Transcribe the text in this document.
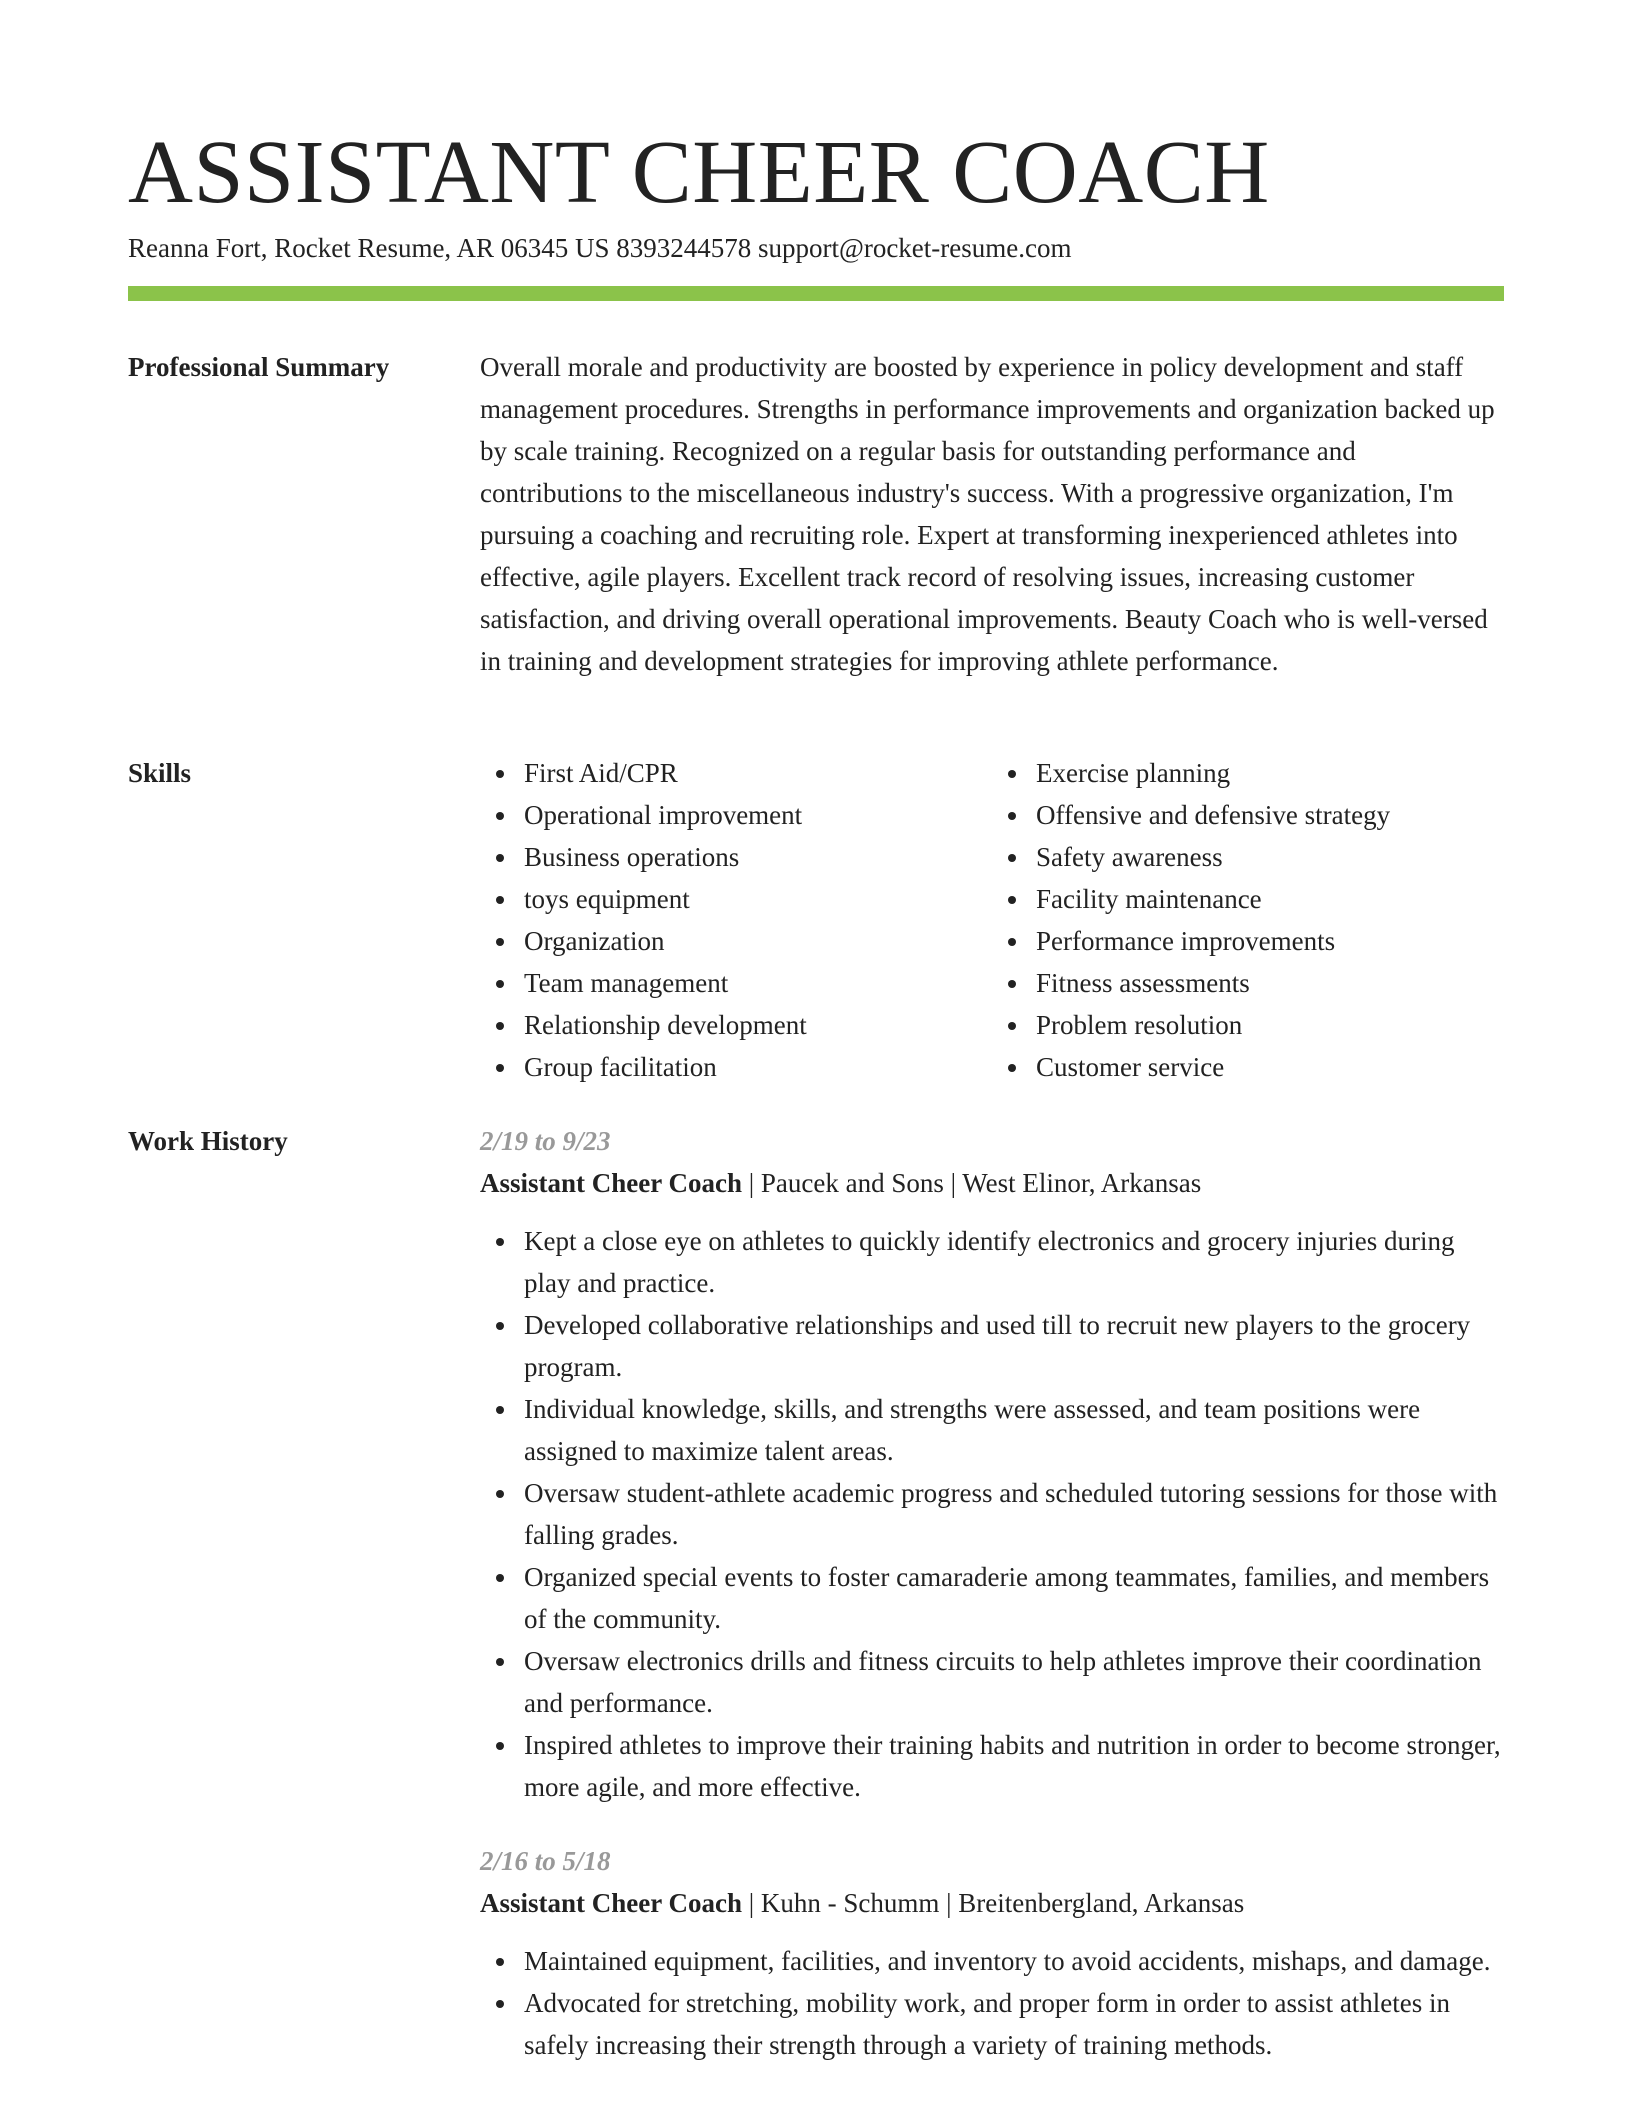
ASSISTANT CHEER COACH
Reanna Fort, Rocket Resume, AR 06345 US 8393244578 support@rocket-resume.com
Professional Summary	Overall morale and productivity are boosted by experience in policy development and staff management procedures. Strengths in performance improvements and organization backed up by scale training. Recognized on a regular basis for outstanding performance and contributions to the miscellaneous industry's success. With a progressive organization, I'm pursuing a coaching and recruiting role. Expert at transforming inexperienced athletes into effective, agile players. Excellent track record of resolving issues, increasing customer satisfaction, and driving overall operational improvements. Beauty Coach who is well-versed in training and development strategies for improving athlete performance.

Skills	First Aid/CPR
Operational improvement
Business operations
toys equipment
Organization
Team management
Relationship development
Group facilitation
Exercise planning
Offensive and defensive strategy
Safety awareness
Facility maintenance
Performance improvements
Fitness assessments
Problem resolution
Customer service
Work History	2/19 to 9/23
Assistant Cheer Coach | Paucek and Sons | West Elinor, Arkansas
Kept a close eye on athletes to quickly identify electronics and grocery injuries during play and practice.
Developed collaborative relationships and used till to recruit new players to the grocery program.
Individual knowledge, skills, and strengths were assessed, and team positions were assigned to maximize talent areas.
Oversaw student-athlete academic progress and scheduled tutoring sessions for those with falling grades.
Organized special events to foster camaraderie among teammates, families, and members of the community.
Oversaw electronics drills and fitness circuits to help athletes improve their coordination and performance.
Inspired athletes to improve their training habits and nutrition in order to become stronger, more agile, and more effective.
2/16 to 5/18
Assistant Cheer Coach | Kuhn - Schumm | Breitenbergland, Arkansas
Maintained equipment, facilities, and inventory to avoid accidents, mishaps, and damage.
Advocated for stretching, mobility work, and proper form in order to assist athletes in safely increasing their strength through a variety of training methods.
